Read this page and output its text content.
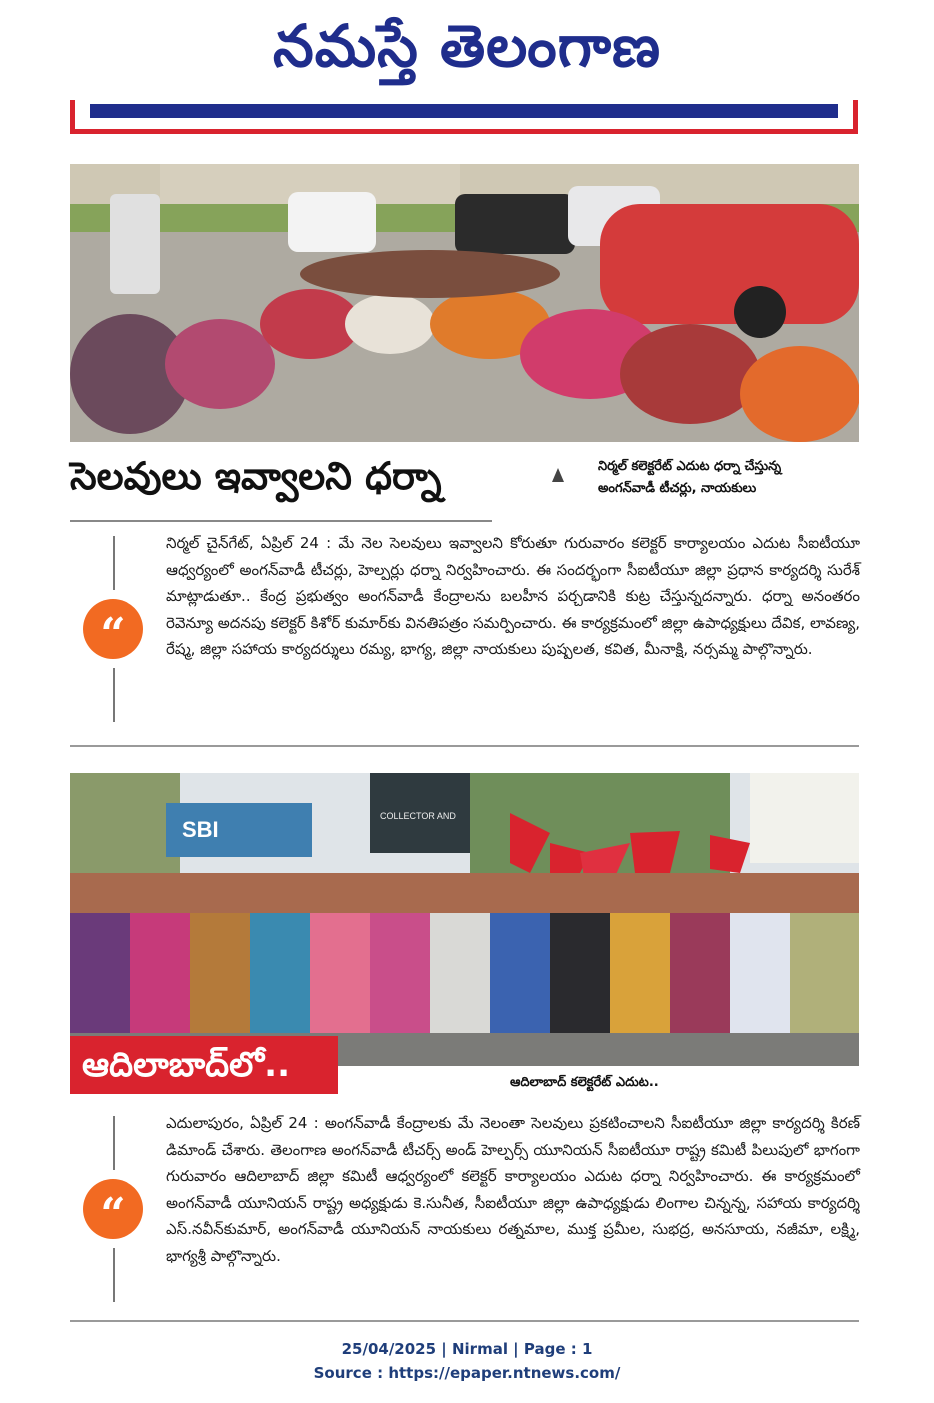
నమస్తే తెలంగాణ
సెలవులు ఇవ్వాలని ధర్నా	నిర్మల్ కలెక్టరేట్ ఎదుట ధర్నా చేస్తున్న
అంగన్‌వాడీ టీచర్లు, నాయకులు
“
నిర్మల్ చైన్‌గేట్, ఏప్రిల్ 24 : మే నెల సెలవులు ఇవ్వాలని కోరుతూ గురువారం కలెక్టర్ కార్యాలయం ఎదుట సీఐటీయూ ఆధ్వర్యంలో అంగన్‌వాడీ టీచర్లు, హెల్పర్లు ధర్నా నిర్వహించారు. ఈ సందర్భంగా సీఐటీయూ జిల్లా ప్రధాన కార్యదర్శి సురేశ్ మాట్లాడుతూ.. కేంద్ర ప్రభుత్వం అంగన్‌వాడీ కేంద్రాలను బలహీన పర్చడానికి కుట్ర చేస్తున్నదన్నారు. ధర్నా అనంతరం రెవెన్యూ అదనపు కలెక్టర్ కిశోర్ కుమార్‌కు వినతిపత్రం సమర్పించారు. ఈ కార్యక్రమంలో జిల్లా ఉపాధ్యక్షులు దేవిక, లావణ్య, రేష్మ, జిల్లా సహాయ కార్యదర్శులు రమ్య, భాగ్య, జిల్లా నాయకులు పుష్పలత, కవిత, మీనాక్షి, నర్సమ్మ పాల్గొన్నారు.
SBI
COLLECTOR AND
ఆదిలాబాద్‌లో..	ఆదిలాబాద్ కలెక్టరేట్ ఎదుట..
“
ఎదులాపురం, ఏప్రిల్ 24 : అంగన్‌వాడీ కేంద్రాలకు మే నెలంతా సెలవులు ప్రకటించాలని సీఐటీయూ జిల్లా కార్యదర్శి కిరణ్ డిమాండ్ చేశారు. తెలంగాణ అంగన్‌వాడీ టీచర్స్ అండ్ హెల్పర్స్ యూనియన్ సీఐటీయూ రాష్ట్ర కమిటీ పిలుపులో భాగంగా గురువారం ఆదిలాబాద్ జిల్లా కమిటీ ఆధ్వర్యంలో కలెక్టర్ కార్యాలయం ఎదుట ధర్నా నిర్వహించారు. ఈ కార్యక్రమంలో అంగన్‌వాడీ యూనియన్ రాష్ట్ర అధ్యక్షుడు కె.సునీత, సీఐటీయూ జిల్లా ఉపాధ్యక్షుడు లింగాల చిన్నన్న, సహాయ కార్యదర్శి ఎస్.నవీన్‌కుమార్, అంగన్‌వాడీ యూనియన్ నాయకులు రత్నమాల, ముక్త ప్రమీల, సుభద్ర, అనసూయ, నజీమా, లక్ష్మి, భాగ్యశ్రీ పాల్గొన్నారు.
25/04/2025 | Nirmal | Page : 1
Source : https://epaper.ntnews.com/
